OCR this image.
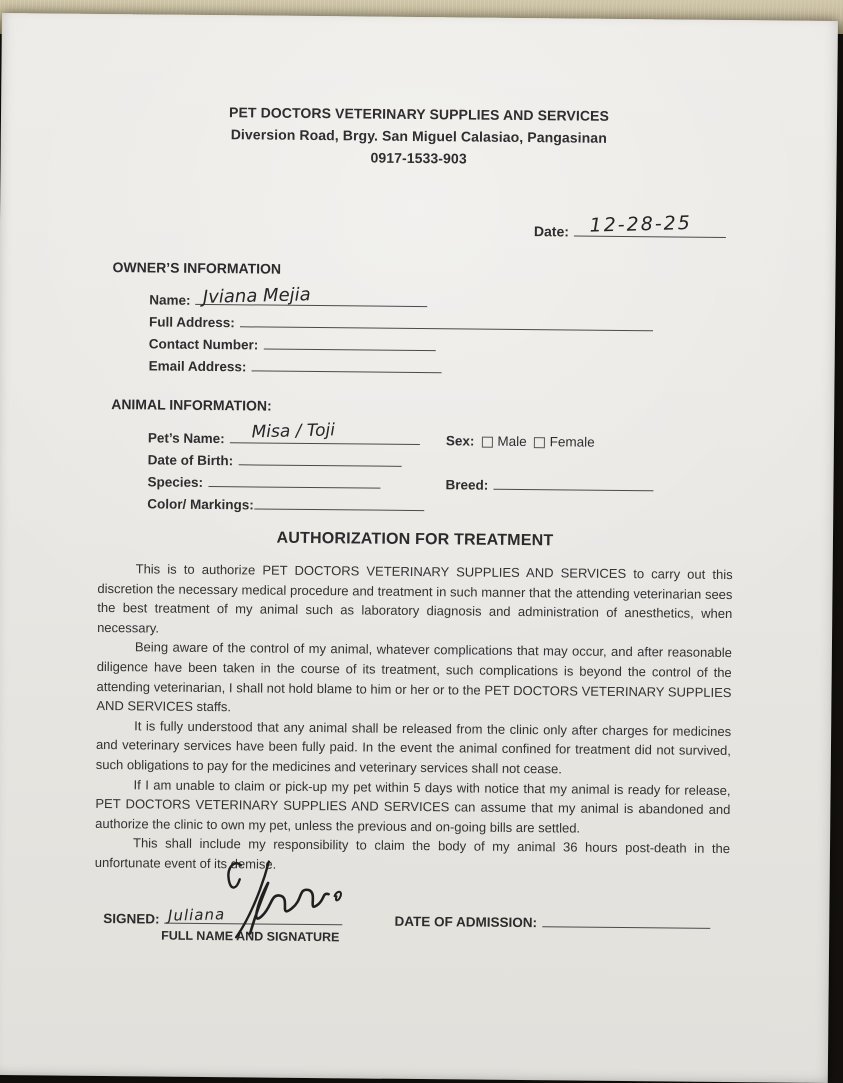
PET DOCTORS VETERINARY SUPPLIES AND SERVICES
Diversion Road, Brgy. San Miguel Calasiao, Pangasinan
0917-1533-903
Date: 12-28-25
OWNER’S INFORMATION
Name: Jviana Mejia
Full Address:
Contact Number:
Email Address:
ANIMAL INFORMATION:
Pet’s Name: Misa / Toji	Sex: Male Female
Date of Birth:
Species:	Breed:
Color/ Markings:
AUTHORIZATION FOR TREATMENT

This is to authorize PET DOCTORS VETERINARY SUPPLIES AND SERVICES to carry out this discretion the necessary medical procedure and treatment in such manner that the attending veterinarian sees the best treatment of my animal such as laboratory diagnosis and administration of anesthetics, when necessary.

Being aware of the control of my animal, whatever complications that may occur, and after reasonable diligence have been taken in the course of its treatment, such complications is beyond the control of the attending veterinarian, I shall not hold blame to him or her or to the PET DOCTORS VETERINARY SUPPLIES AND SERVICES staffs.

It is fully understood that any animal shall be released from the clinic only after charges for medicines and veterinary services have been fully paid. In the event the animal confined for treatment did not survived, such obligations to pay for the medicines and veterinary services shall not cease.

If I am unable to claim or pick-up my pet within 5 days with notice that my animal is ready for release, PET DOCTORS VETERINARY SUPPLIES AND SERVICES can assume that my animal is abandoned and authorize the clinic to own my pet, unless the previous and on-going bills are settled.

This shall include my responsibility to claim the body of my animal 36 hours post-death in the unfortunate event of its demise.

SIGNED: Juliana	DATE OF ADMISSION:
FULL NAME AND SIGNATURE
